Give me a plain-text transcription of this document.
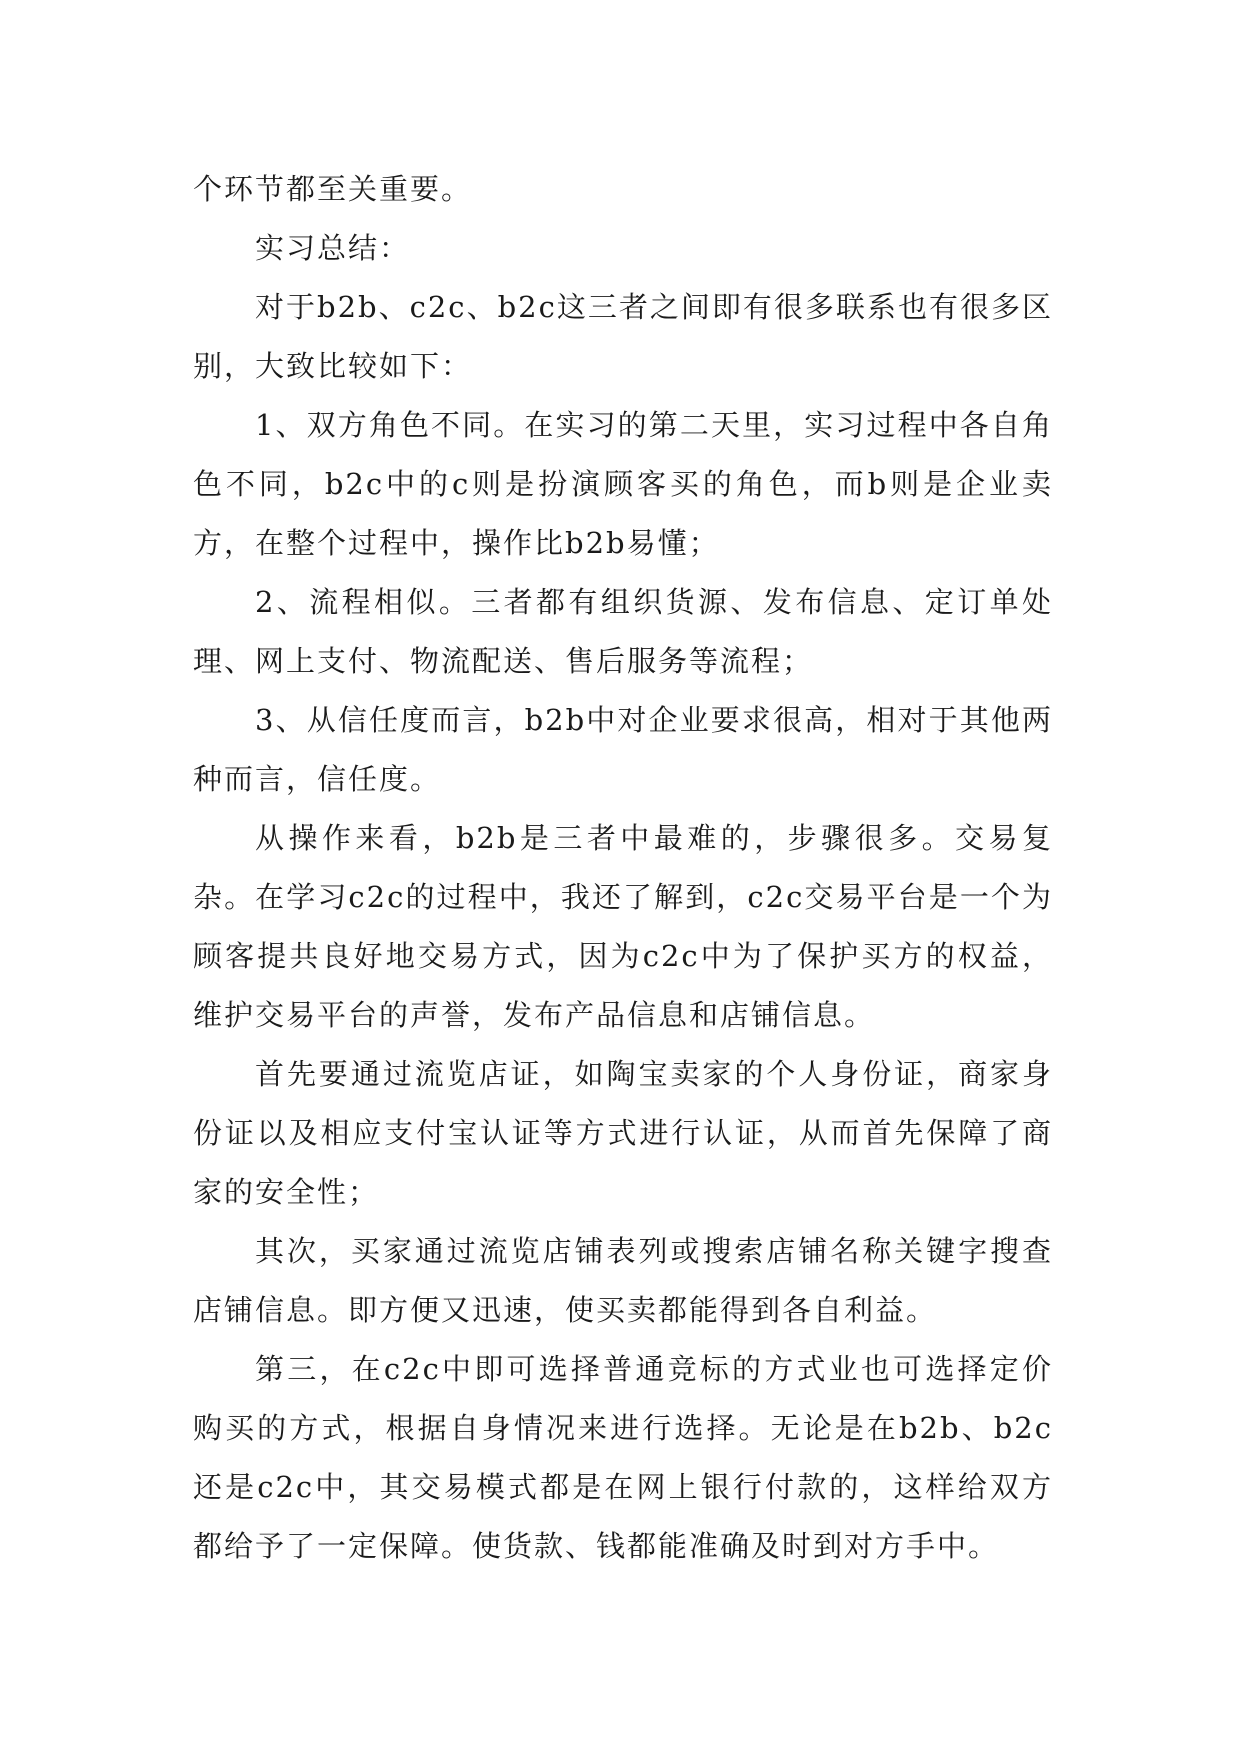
个环节都至关重要。

实习总结：

对于b2b、c2c、b2c这三者之间即有很多联系也有很多区别，大致比较如下：

1、双方角色不同。在实习的第二天里，实习过程中各自角色不同，b2c中的c则是扮演顾客买的角色，而b则是企业卖方，在整个过程中，操作比b2b易懂；

2、流程相似。三者都有组织货源、发布信息、定订单处理、网上支付、物流配送、售后服务等流程；

3、从信任度而言，b2b中对企业要求很高，相对于其他两种而言，信任度。

从操作来看，b2b是三者中最难的，步骤很多。交易复杂。在学习c2c的过程中，我还了解到，c2c交易平台是一个为顾客提共良好地交易方式，因为c2c中为了保护买方的权益，维护交易平台的声誉，发布产品信息和店铺信息。

首先要通过流览店证，如陶宝卖家的个人身份证，商家身份证以及相应支付宝认证等方式进行认证，从而首先保障了商家的安全性；

其次，买家通过流览店铺表列或搜索店铺名称关键字搜查店铺信息。即方便又迅速，使买卖都能得到各自利益。

第三，在c2c中即可选择普通竞标的方式业也可选择定价购买的方式，根据自身情况来进行选择。无论是在b2b、b2c还是c2c中，其交易模式都是在网上银行付款的，这样给双方都给予了一定保障。使货款、钱都能准确及时到对方手中。
